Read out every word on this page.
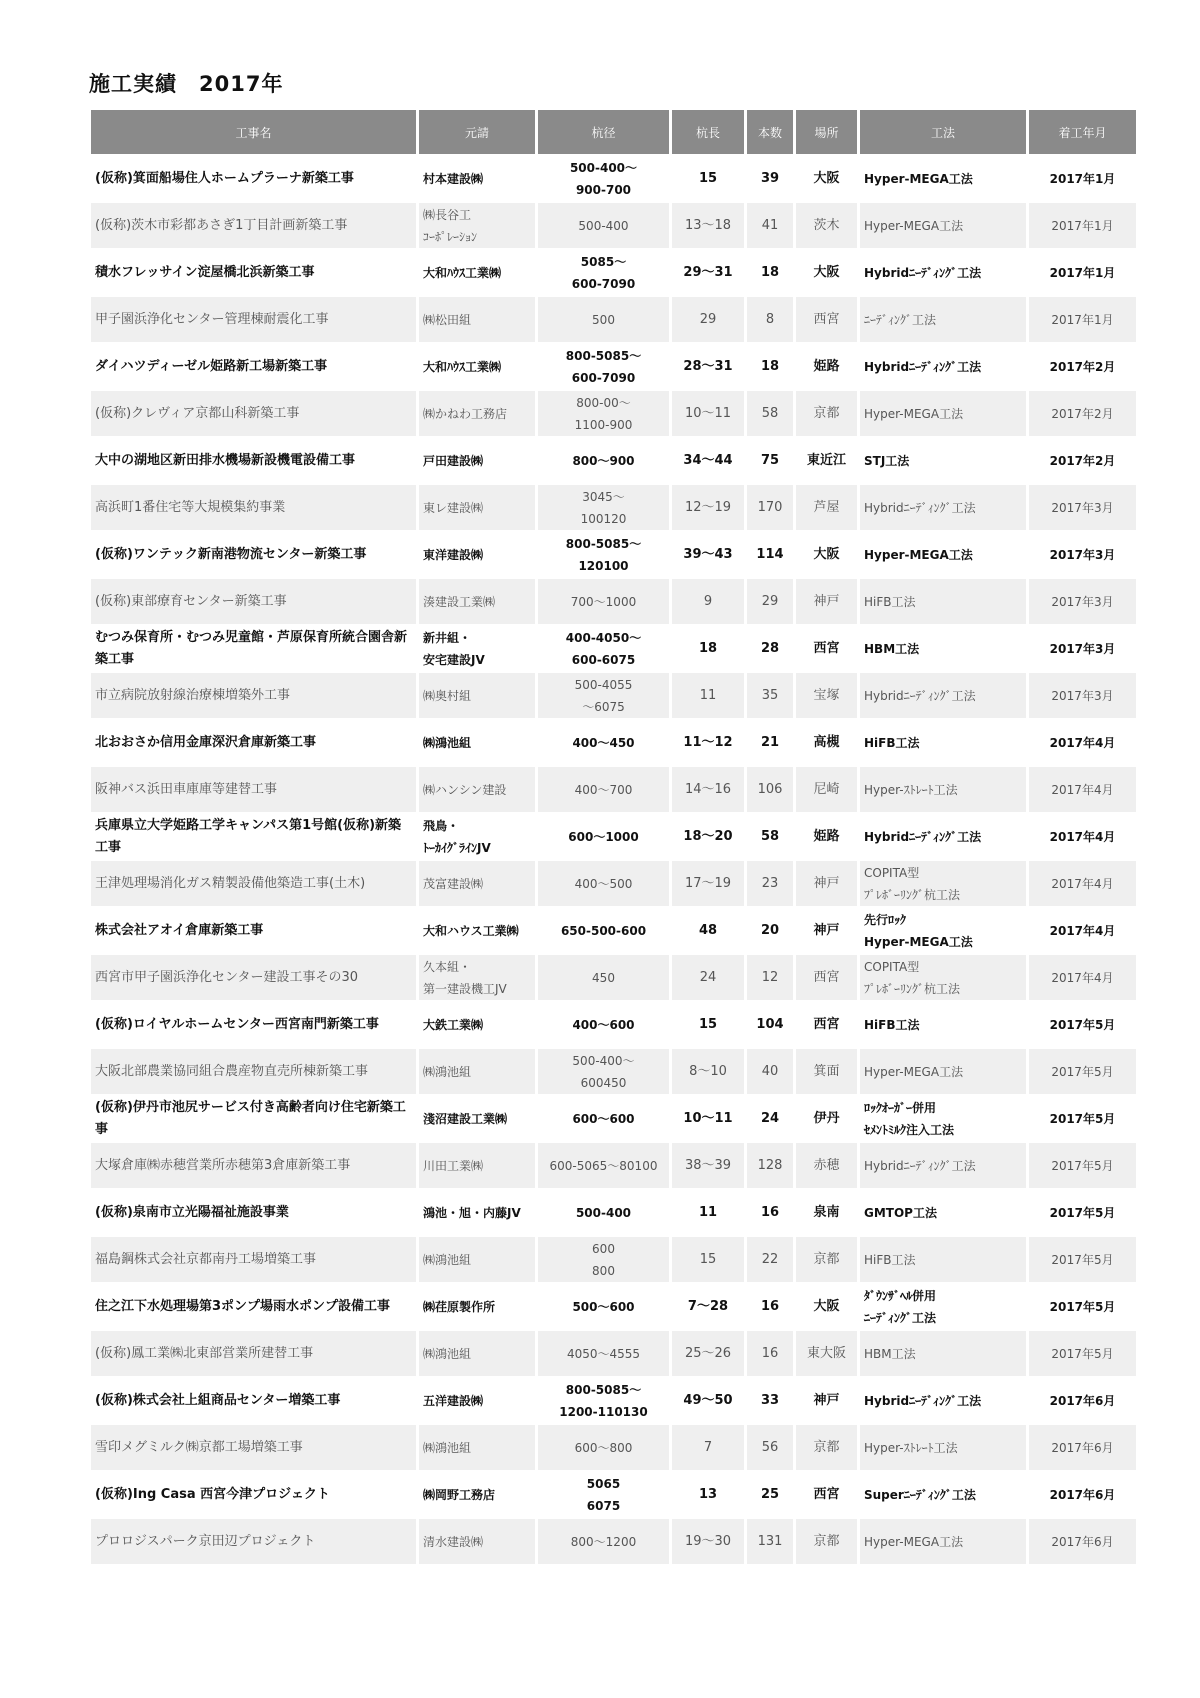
施工実績　2017年
工事名	元請	杭径	杭長	本数	場所	工法	着工年月
(仮称)箕面船場住人ホームプラーナ新築工事	村本建設㈱	500-400～
900-700	15	39	大阪	Hyper-MEGA工法	2017年1月
(仮称)茨木市彩都あさぎ1丁目計画新築工事	㈱長谷工
ｺｰﾎﾟﾚｰｼｮﾝ	500-400	13～18	41	茨木	Hyper-MEGA工法	2017年1月
積水フレッサイン淀屋橋北浜新築工事	大和ﾊｳｽ工業㈱	5085～
600-7090	29～31	18	大阪	Hybridﾆｰﾃﾞｨﾝｸﾞ工法	2017年1月
甲子園浜浄化センター管理棟耐震化工事	㈱松田組	500	29	8	西宮	ﾆｰﾃﾞｨﾝｸﾞ工法	2017年1月
ダイハツディーゼル姫路新工場新築工事	大和ﾊｳｽ工業㈱	800-5085～
600-7090	28～31	18	姫路	Hybridﾆｰﾃﾞｨﾝｸﾞ工法	2017年2月
(仮称)クレヴィア京都山科新築工事	㈱かねわ工務店	800-00～
1100-900	10～11	58	京都	Hyper-MEGA工法	2017年2月
大中の湖地区新田排水機場新設機電設備工事	戸田建設㈱	800～900	34～44	75	東近江	STJ工法	2017年2月
高浜町1番住宅等大規模集約事業	東レ建設㈱	3045～
100120	12～19	170	芦屋	Hybridﾆｰﾃﾞｨﾝｸﾞ工法	2017年3月
(仮称)ワンテック新南港物流センター新築工事	東洋建設㈱	800-5085～120100	39～43	114	大阪	Hyper-MEGA工法	2017年3月
(仮称)東部療育センター新築工事	湊建設工業㈱	700～1000	9	29	神戸	HiFB工法	2017年3月
むつみ保育所・むつみ児童館・芦原保育所統合園舎新築工事	新井組・
安宅建設JV	400-4050～
600-6075	18	28	西宮	HBM工法	2017年3月
市立病院放射線治療棟増築外工事	㈱奥村組	500-4055
～6075	11	35	宝塚	Hybridﾆｰﾃﾞｨﾝｸﾞ工法	2017年3月
北おおさか信用金庫深沢倉庫新築工事	㈱鴻池組	400～450	11～12	21	高槻	HiFB工法	2017年4月
阪神バス浜田車庫庫等建替工事	㈱ハンシン建設	400～700	14～16	106	尼崎	Hyper-ｽﾄﾚｰﾄ工法	2017年4月
兵庫県立大学姫路工学キャンパス第1号館(仮称)新築工事	飛鳥・
ﾄｰｶｲｸﾞﾗｲﾝJV	600～1000	18～20	58	姫路	Hybridﾆｰﾃﾞｨﾝｸﾞ工法	2017年4月
王津処理場消化ガス精製設備他築造工事(土木)	茂富建設㈱	400～500	17～19	23	神戸	COPITA型
ﾌﾟﾚﾎﾞｰﾘﾝｸﾞ杭工法	2017年4月
株式会社アオイ倉庫新築工事	大和ハウス工業㈱	650-500-600	48	20	神戸	先行ﾛｯｸ
Hyper-MEGA工法	2017年4月
西宮市甲子園浜浄化センター建設工事その30	久本組・
第一建設機工JV	450	24	12	西宮	COPITA型
ﾌﾟﾚﾎﾞｰﾘﾝｸﾞ杭工法	2017年4月
(仮称)ロイヤルホームセンター西宮南門新築工事	大鉄工業㈱	400～600	15	104	西宮	HiFB工法	2017年5月
大阪北部農業協同組合農産物直売所棟新築工事	㈱鴻池組	500-400～
600450	8～10	40	箕面	Hyper-MEGA工法	2017年5月
(仮称)伊丹市池尻サービス付き高齢者向け住宅新築工事	淺沼建設工業㈱	600～600	10～11	24	伊丹	ﾛｯｸｵｰｶﾞｰ併用
ｾﾒﾝﾄﾐﾙｸ注入工法	2017年5月
大塚倉庫㈱赤穂営業所赤穂第3倉庫新築工事	川田工業㈱	600-5065～80100	38～39	128	赤穂	Hybridﾆｰﾃﾞｨﾝｸﾞ工法	2017年5月
(仮称)泉南市立光陽福祉施設事業	鴻池・旭・内藤JV	500-400	11	16	泉南	GMTOP工法	2017年5月
福島鋼株式会社京都南丹工場増築工事	㈱鴻池組	600
800	15	22	京都	HiFB工法	2017年5月
住之江下水処理場第3ポンプ場雨水ポンプ設備工事	㈱荏原製作所	500～600	7～28	16	大阪	ﾀﾞｳﾝｻﾞﾍﾙ併用
ﾆｰﾃﾞｨﾝｸﾞ工法	2017年5月
(仮称)鳳工業㈱北東部営業所建替工事	㈱鴻池組	4050～4555	25～26	16	東大阪	HBM工法	2017年5月
(仮称)株式会社上組商品センター増築工事	五洋建設㈱	800-5085～
1200-110130	49～50	33	神戸	Hybridﾆｰﾃﾞｨﾝｸﾞ工法	2017年6月
雪印メグミルク㈱京都工場増築工事	㈱鴻池組	600～800	7	56	京都	Hyper-ｽﾄﾚｰﾄ工法	2017年6月
(仮称)Ing Casa 西宮今津プロジェクト	㈱岡野工務店	5065
6075	13	25	西宮	Superﾆｰﾃﾞｨﾝｸﾞ工法	2017年6月
プロロジスパーク京田辺プロジェクト	清水建設㈱	800～1200	19～30	131	京都	Hyper-MEGA工法	2017年6月
